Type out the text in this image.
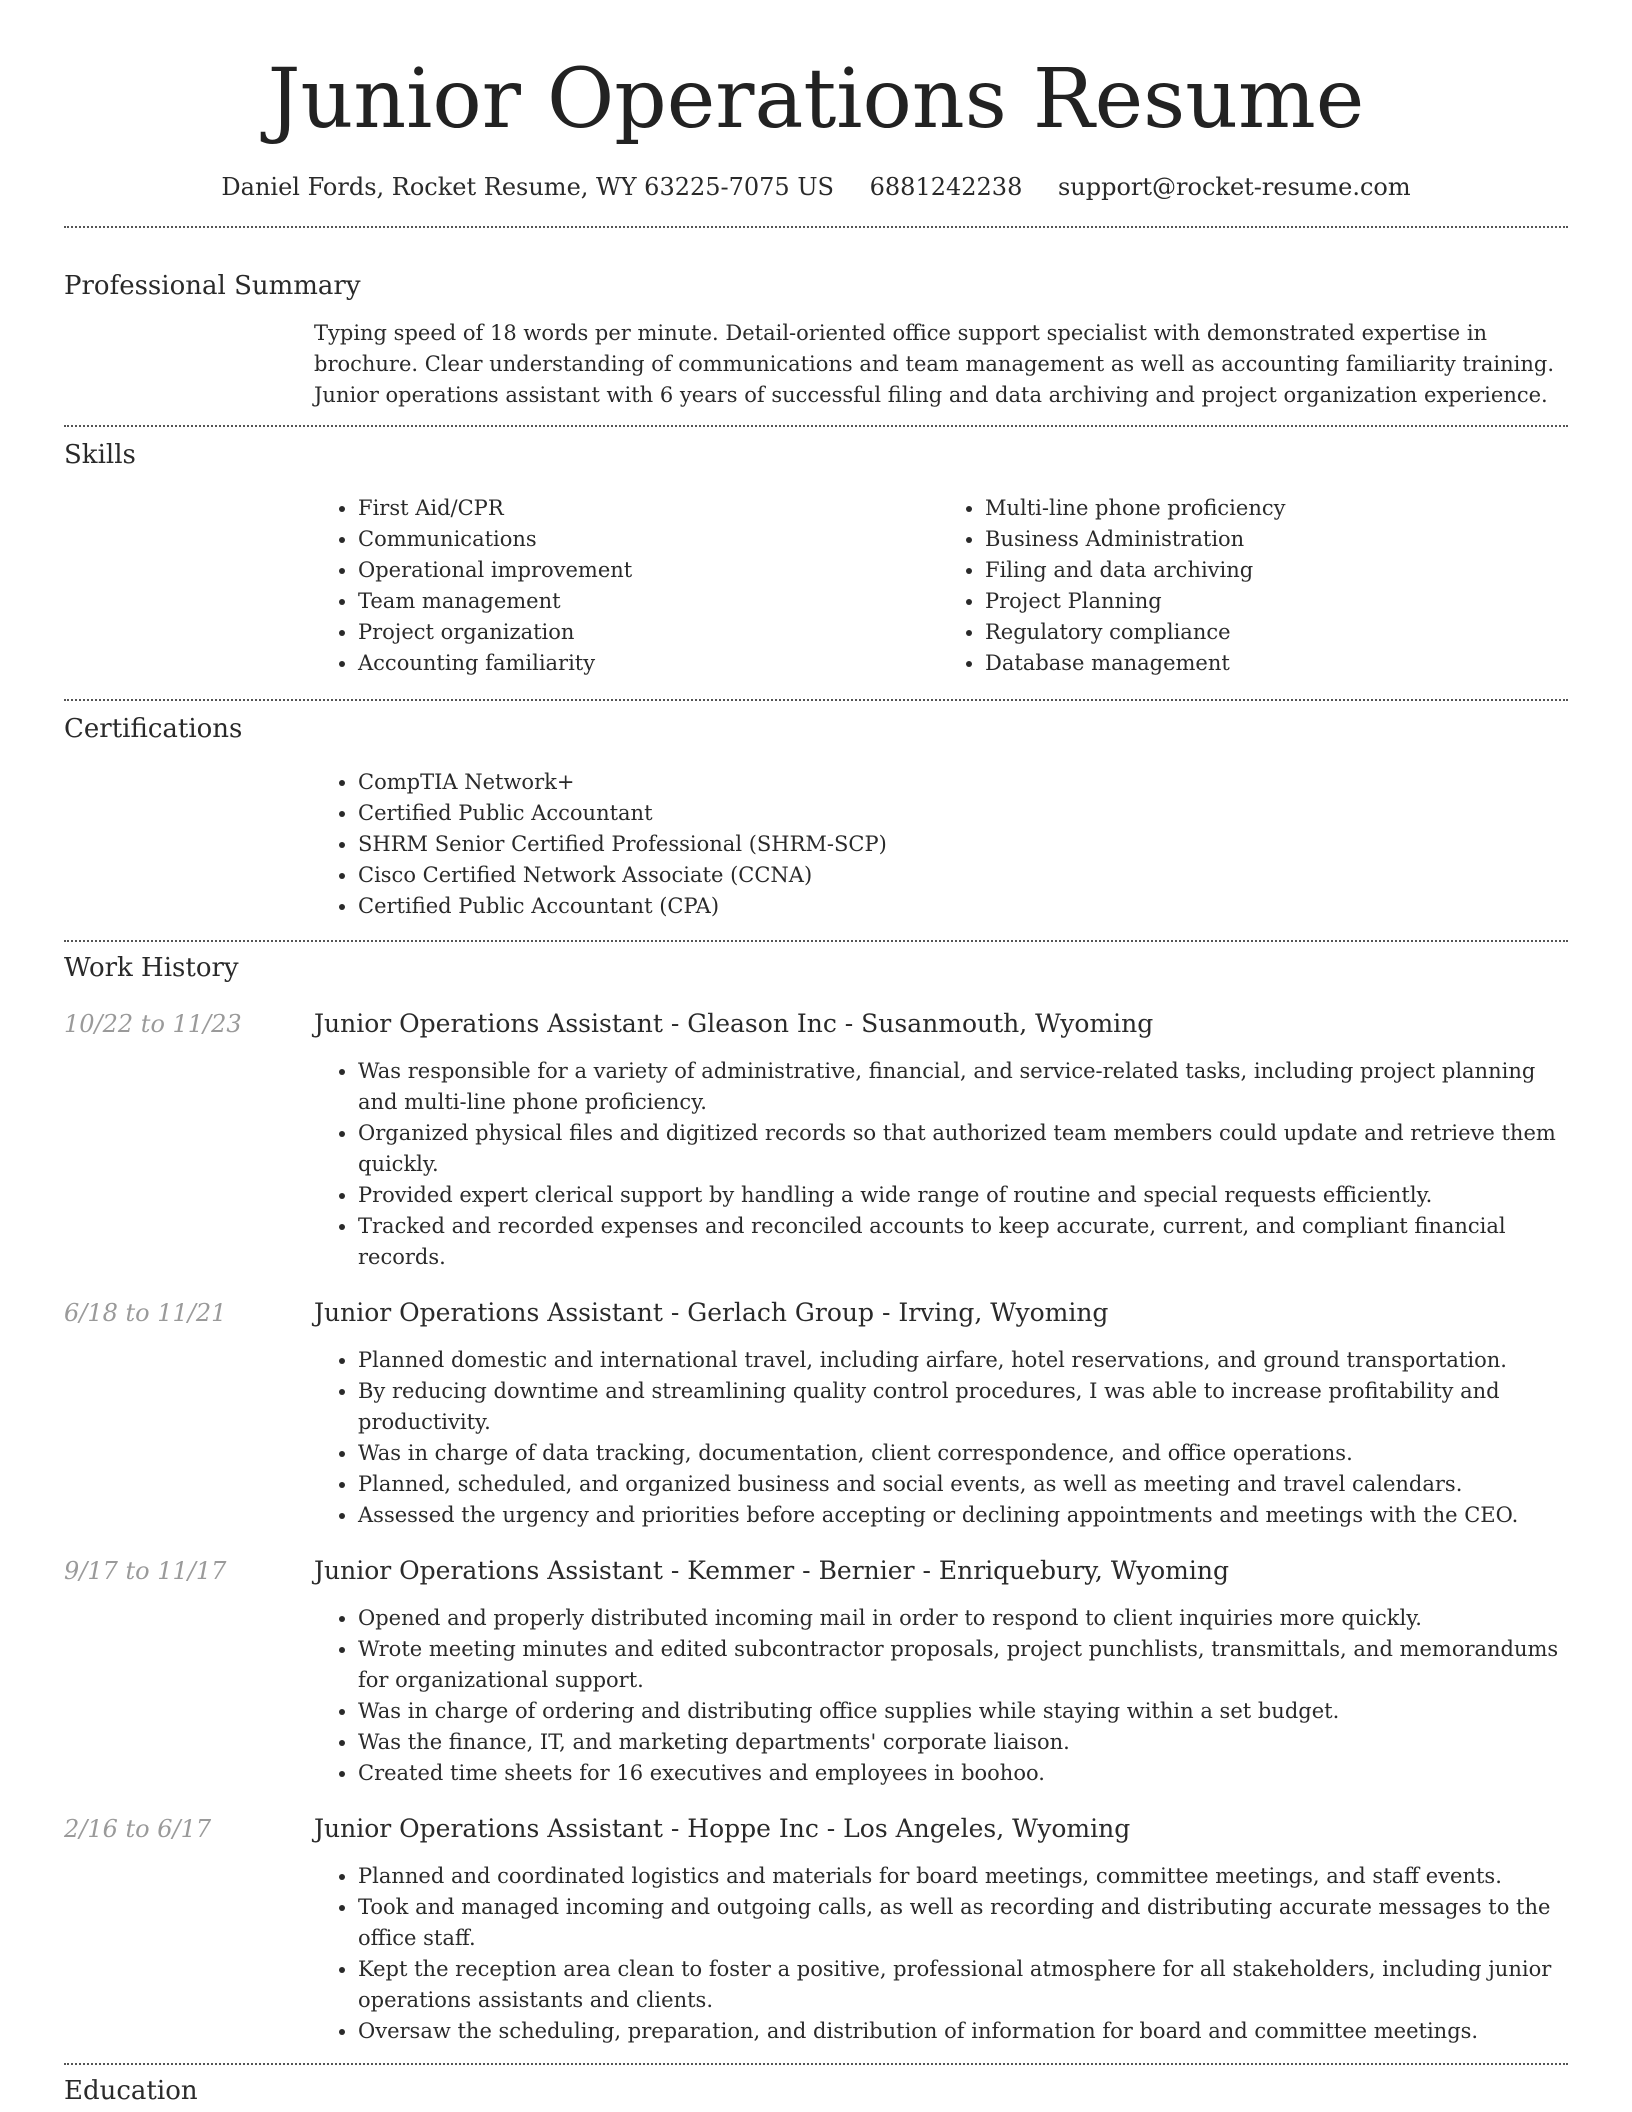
Junior Operations Resume
Daniel Fords, Rocket Resume, WY 63225-7075 US 6881242238 support@rocket-resume.com
Professional Summary

Typing speed of 18 words per minute. Detail-oriented office support specialist with demonstrated expertise in brochure. Clear understanding of communications and team management as well as accounting familiarity training. Junior operations assistant with 6 years of successful filing and data archiving and project organization experience.

Skills
• First Aid/CPR
• Communications
• Operational improvement
• Team management
• Project organization
• Accounting familiarity
• Multi-line phone proficiency
• Business Administration
• Filing and data archiving
• Project Planning
• Regulatory compliance
• Database management
Certifications
• CompTIA Network+
• Certified Public Accountant
• SHRM Senior Certified Professional (SHRM-SCP)
• Cisco Certified Network Associate (CCNA)
• Certified Public Accountant (CPA)
Work History
10/22 to 11/23	Junior Operations Assistant - Gleason Inc - Susanmouth, Wyoming
• Was responsible for a variety of administrative, financial, and service-related tasks, including project planning and multi-line phone proficiency.
• Organized physical files and digitized records so that authorized team members could update and retrieve them quickly.
• Provided expert clerical support by handling a wide range of routine and special requests efficiently.
• Tracked and recorded expenses and reconciled accounts to keep accurate, current, and compliant financial records.
6/18 to 11/21	Junior Operations Assistant - Gerlach Group - Irving, Wyoming
• Planned domestic and international travel, including airfare, hotel reservations, and ground transportation.
• By reducing downtime and streamlining quality control procedures, I was able to increase profitability and productivity.
• Was in charge of data tracking, documentation, client correspondence, and office operations.
• Planned, scheduled, and organized business and social events, as well as meeting and travel calendars.
• Assessed the urgency and priorities before accepting or declining appointments and meetings with the CEO.
9/17 to 11/17	Junior Operations Assistant - Kemmer - Bernier - Enriquebury, Wyoming
• Opened and properly distributed incoming mail in order to respond to client inquiries more quickly.
• Wrote meeting minutes and edited subcontractor proposals, project punchlists, transmittals, and memorandums for organizational support.
• Was in charge of ordering and distributing office supplies while staying within a set budget.
• Was the finance, IT, and marketing departments' corporate liaison.
• Created time sheets for 16 executives and employees in boohoo.
2/16 to 6/17	Junior Operations Assistant - Hoppe Inc - Los Angeles, Wyoming
• Planned and coordinated logistics and materials for board meetings, committee meetings, and staff events.
• Took and managed incoming and outgoing calls, as well as recording and distributing accurate messages to the office staff.
• Kept the reception area clean to foster a positive, professional atmosphere for all stakeholders, including junior operations assistants and clients.
• Oversaw the scheduling, preparation, and distribution of information for board and committee meetings.
Education
